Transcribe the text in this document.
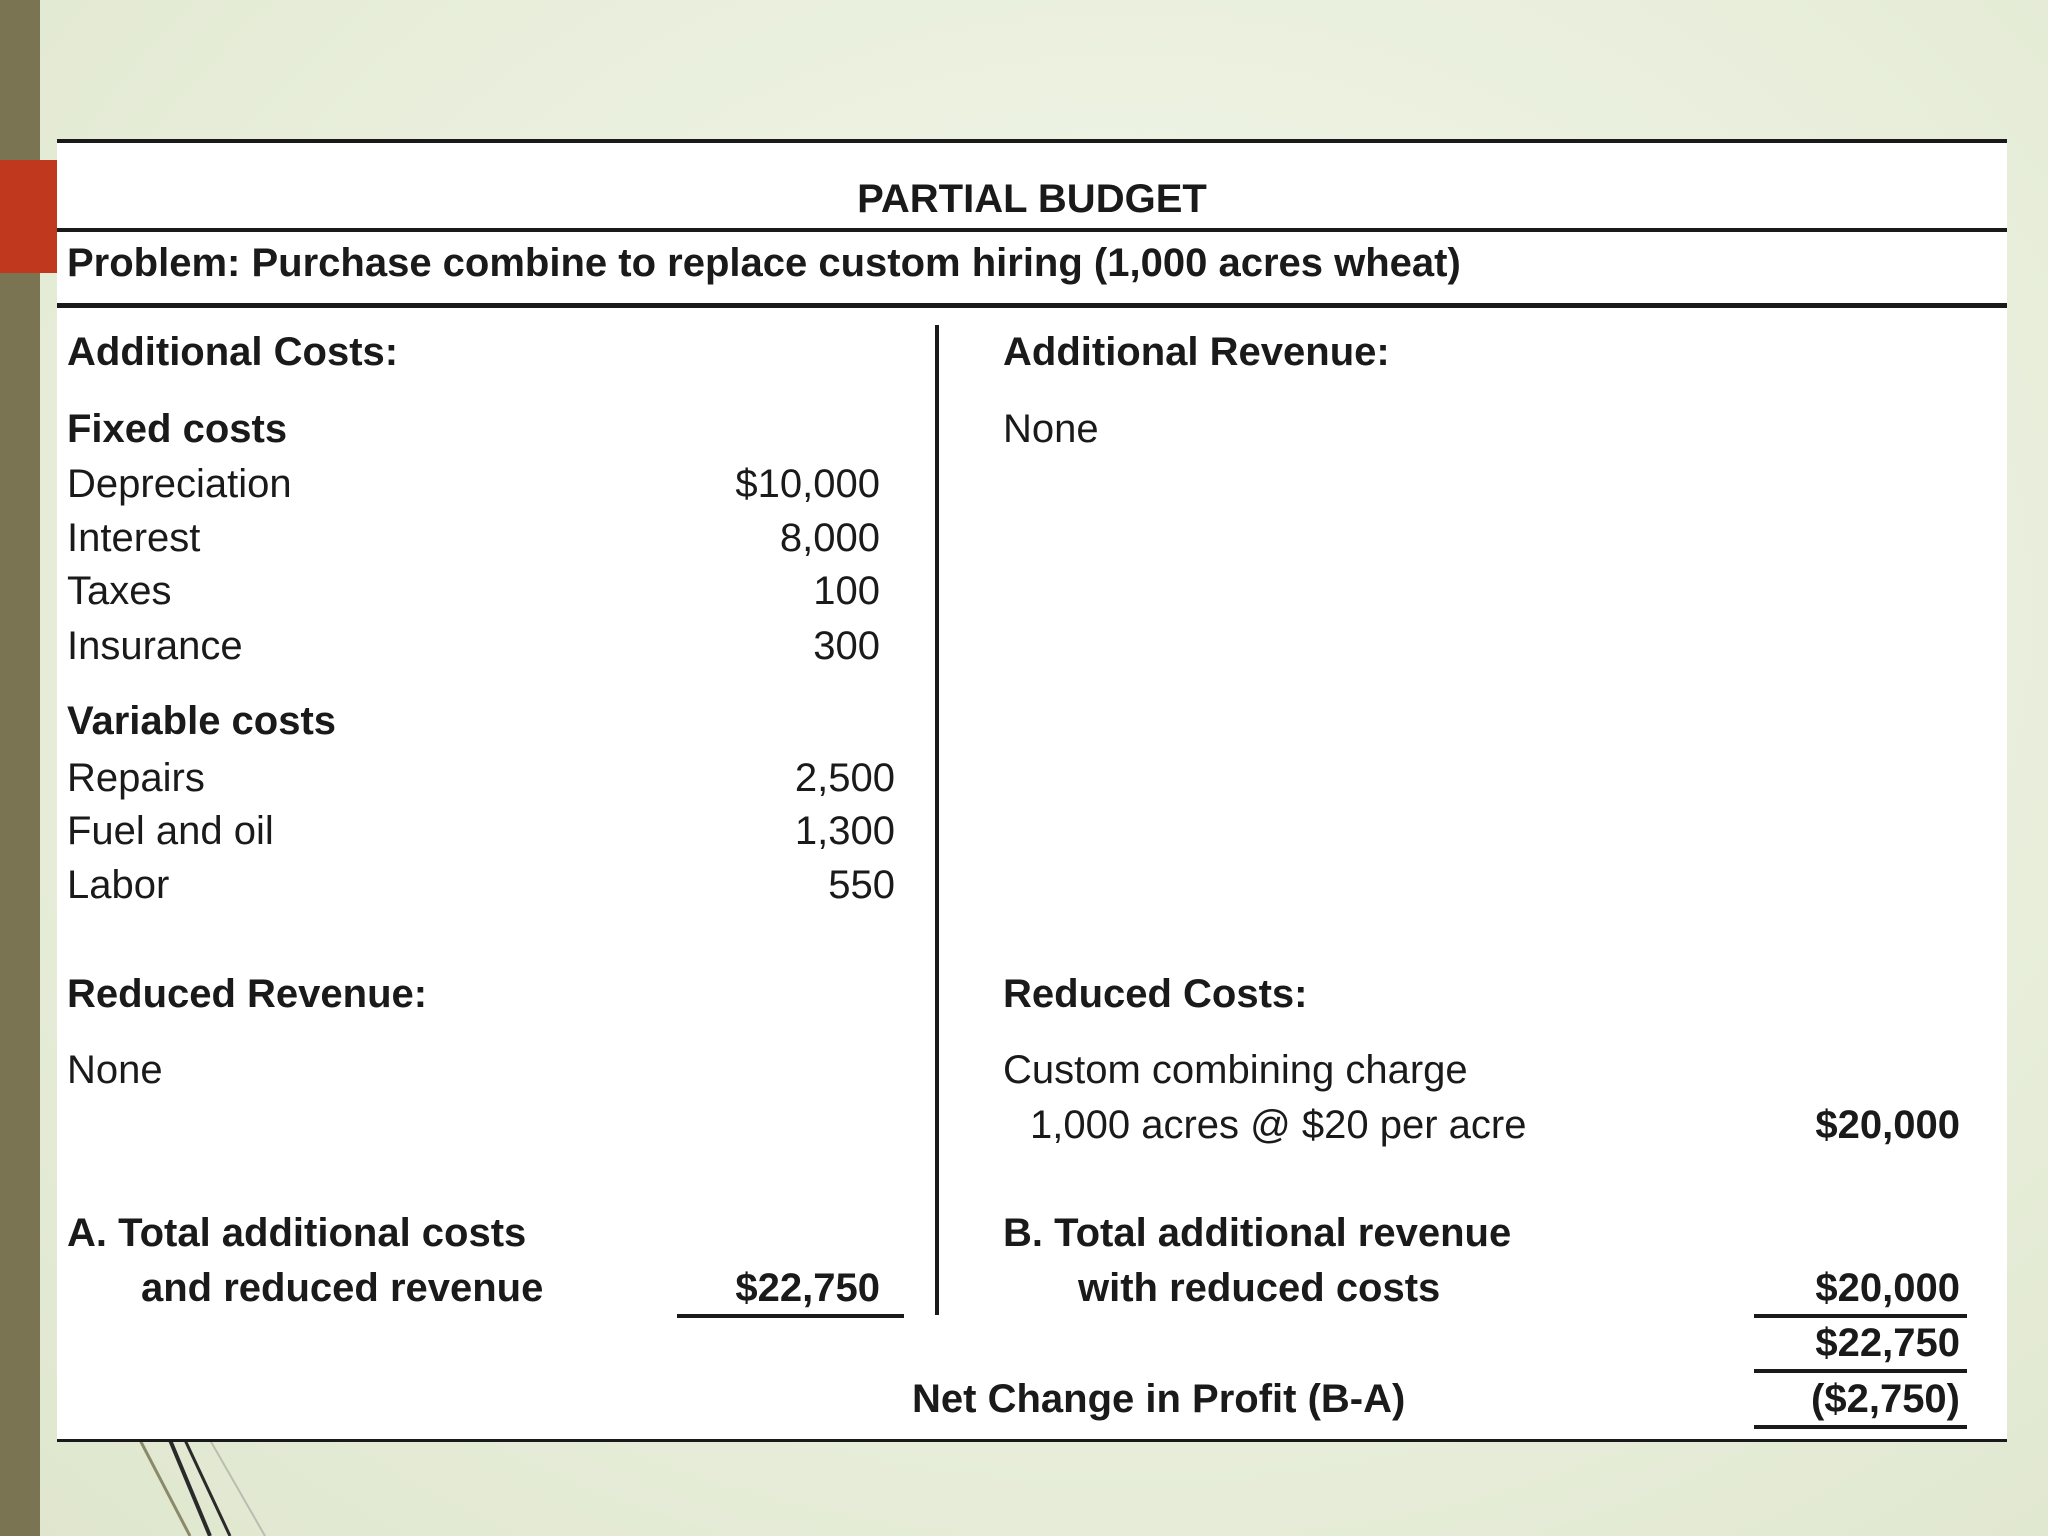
PARTIAL BUDGET
Problem: Purchase combine to replace custom hiring (1,000 acres wheat)
Additional Costs:
Fixed costs
Depreciation	$10,000
Interest	8,000
Taxes	100
Insurance	300
Variable costs
Repairs	2,500
Fuel and oil	1,300
Labor	550
Reduced Revenue:
None
Additional Revenue:
None
Reduced Costs:
Custom combining charge
1,000 acres @ $20 per acre	$20,000
A. Total additional costs
and reduced revenue	$22,750
B. Total additional revenue
with reduced costs	$20,000
$22,750
Net Change in Profit (B-A)	($2,750)
